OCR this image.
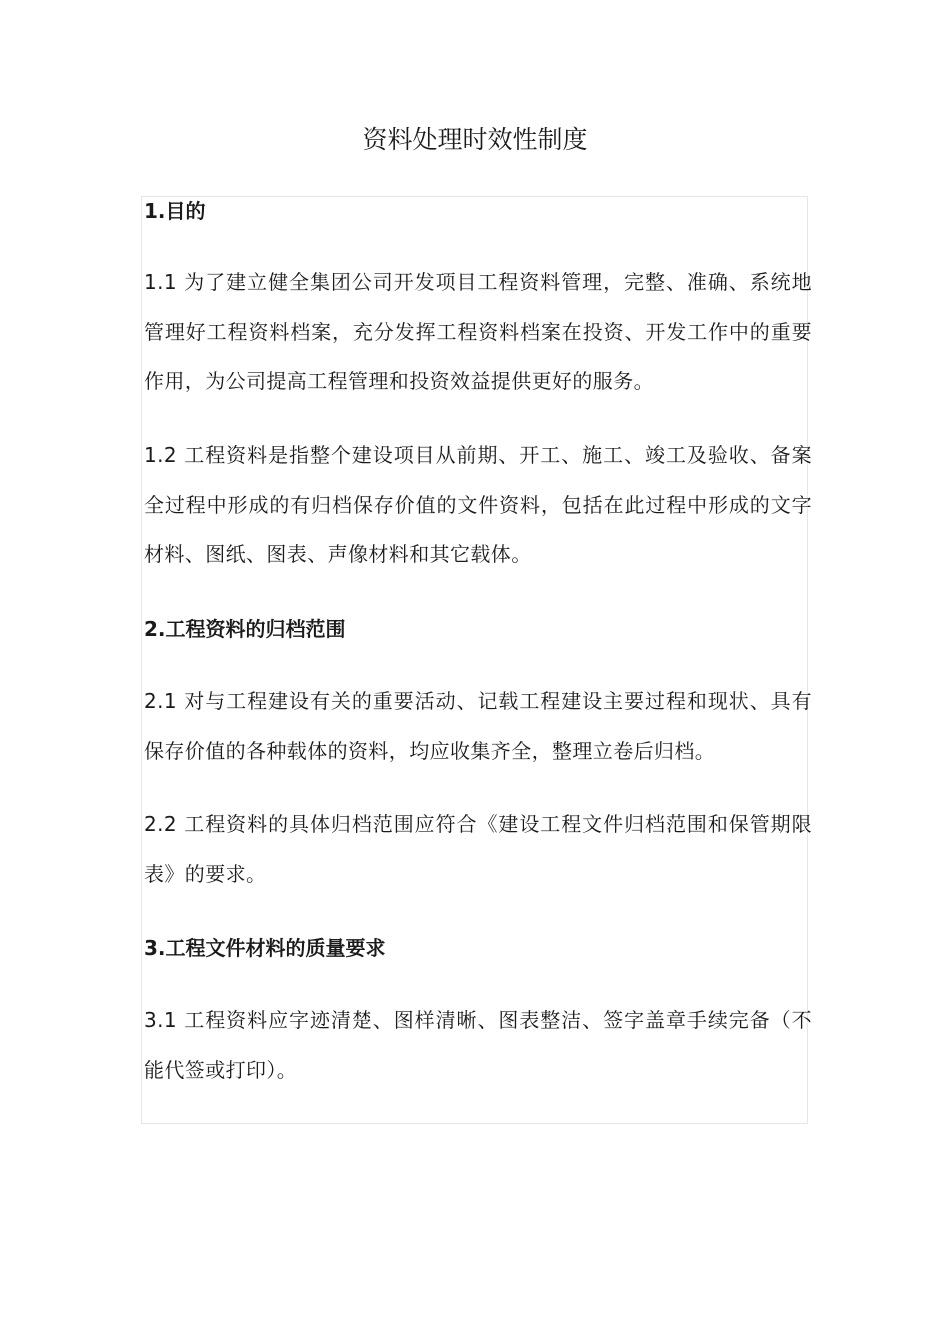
资料处理时效性制度
1.目的

1.1 为了建立健全集团公司开发项目工程资料管理，完整、准确、系统地管理好工程资料档案，充分发挥工程资料档案在投资、开发工作中的重要作用，为公司提高工程管理和投资效益提供更好的服务。

1.2 工程资料是指整个建设项目从前期、开工、施工、竣工及验收、备案全过程中形成的有归档保存价值的文件资料，包括在此过程中形成的文字材料、图纸、图表、声像材料和其它载体。

2.工程资料的归档范围

2.1 对与工程建设有关的重要活动、记载工程建设主要过程和现状、具有保存价值的各种载体的资料，均应收集齐全，整理立卷后归档。

2.2 工程资料的具体归档范围应符合《建设工程文件归档范围和保管期限表》的要求。

3.工程文件材料的质量要求

3.1 工程资料应字迹清楚、图样清晰、图表整洁、签字盖章手续完备（不能代签或打印）。
